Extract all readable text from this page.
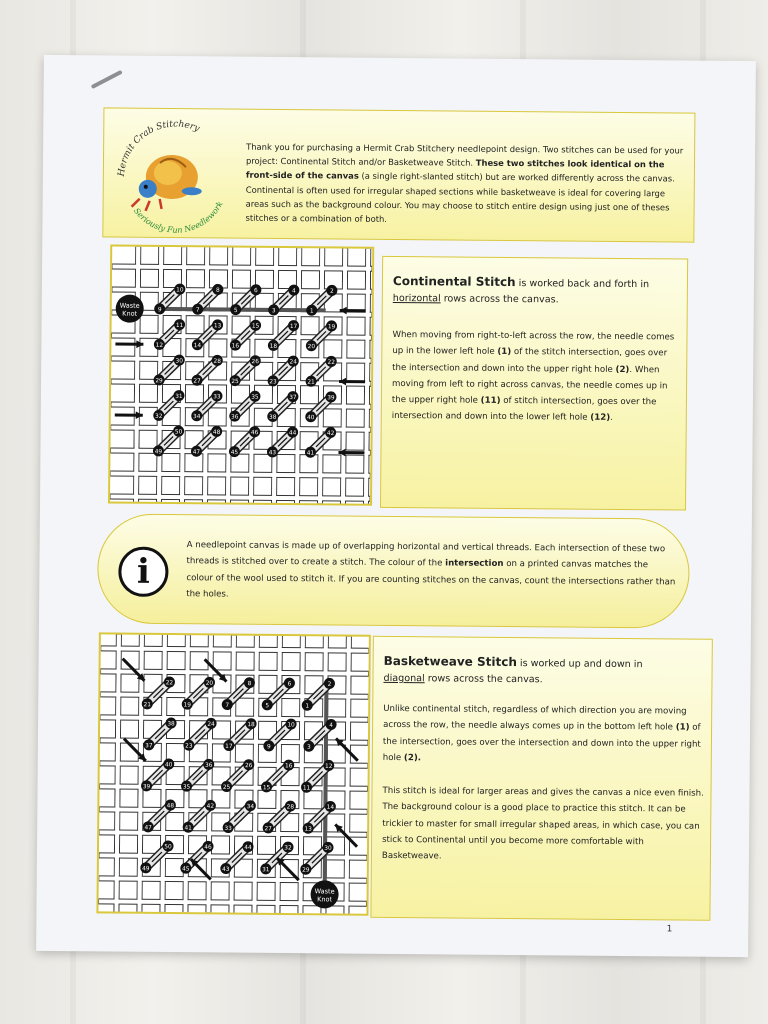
Hermit Crab Stitchery
Seriously Fun Needlework
Thank you for purchasing a Hermit Crab Stitchery needlepoint design. Two stitches can be used for your project: Continental Stitch and/or Basketweave Stitch. These two stitches look identical on the front-side of the canvas (a single right-slanted stitch) but are worked differently across the canvas. Continental is often used for irregular shaped sections while basketweave is ideal for covering large areas such as the background colour. You may choose to stitch entire design using just one of theses stitches or a combination of both.
10
9
8
7
6
5
4
3
2
1
11
12
13
14
15
16
17
18
19
20
30
29
28
27
26
25
24
23
22
21
31
32
33
34
35
36
37
38
39
40
50
49
48
47
46
45
44
43
42
41
Waste
Knot
Continental Stitch is worked back and forth in
horizontal rows across the canvas.
When moving from right-to-left across the row, the needle comes up in the lower left hole (1) of the stitch intersection, goes over the intersection and down into the upper right hole (2). When moving from left to right across canvas, the needle comes up in the upper right hole (11) of stitch intersection, goes over the intersection and down into the lower left hole (12).
i
A needlepoint canvas is made up of overlapping horizontal and vertical threads. Each intersection of these two threads is stitched over to create a stitch. The colour of the intersection on a printed canvas matches the colour of the wool used to stitch it. If you are counting stitches on the canvas, count the intersections rather than the holes.
22
21
20
19
8
7
6
5
2
1
38
37
24
23
18
17
10
9
4
3
40
39
36
35
26
25
16
15
12
11
48
47
42
41
34
33
28
27
14
13
50
49
46
45
44
43
32
31
30
29
Waste
Knot
Basketweave Stitch is worked up and down in
diagonal rows across the canvas.
Unlike continental stitch, regardless of which direction you are moving across the row, the needle always comes up in the bottom left hole (1) of the intersection, goes over the intersection and down into the upper right hole (2).
This stitch is ideal for larger areas and gives the canvas a nice even finish. The background colour is a good place to practice this stitch. It can be trickier to master for small irregular shaped areas, in which case, you can stick to Continental until you become more comfortable with Basketweave.
1
